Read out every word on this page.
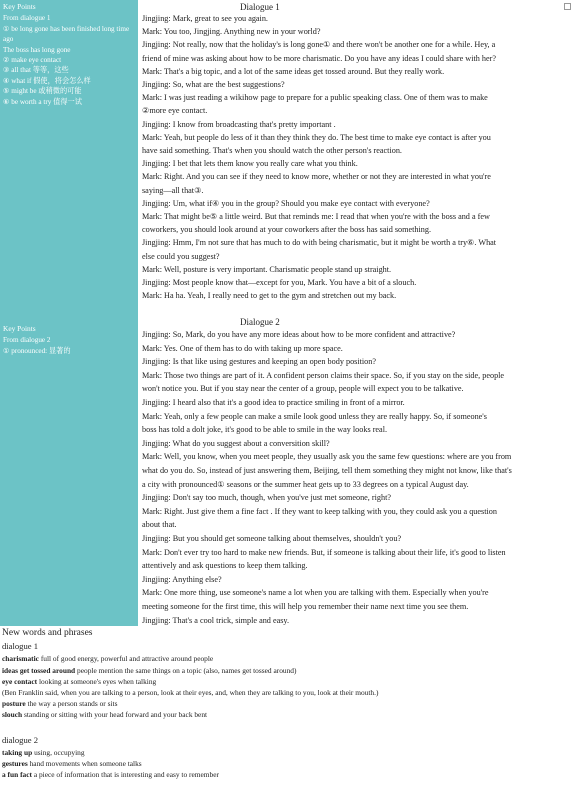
Key Points
From dialogue 1
① be long gone has been finished long time ago
The boss has long gone
② make eye contact
③ all that 等等，这些
④ what if 假使，将会怎么样
⑤ might be 或稍微的可能
⑥ be worth a try 值得一试
Key Points
From dialogue 2
① pronounced: 显著的
Dialogue 1
Jingjing: Mark, great to see you again.
Mark: You too, Jingjing. Anything new in your world?
Jingjing: Not really, now that the holiday's is long gone① and there won't be another one for a while. Hey, a
friend of mine was asking about how to be more charismatic. Do you have any ideas I could share with her?
Mark: That's a big topic, and a lot of the same ideas get tossed around. But they really work.
Jingjing: So, what are the best suggestions?
Mark: I was just reading a wikihow page to prepare for a public speaking class. One of them was to make
②more eye contact.
Jingjing: I know from broadcasting that's pretty important .
Mark: Yeah, but people do less of it than they think they do. The best time to make eye contact is after you
have said something. That's when you should watch the other person's reaction.
Jingjing: I bet that lets them know you really care what you think.
Mark: Right. And you can see if they need to know more, whether or not they are interested in what you're
saying—all that③.
Jingjing: Um, what if④ you in the group? Should you make eye contact with everyone?
Mark: That might be⑤ a little weird. But that reminds me: I read that when you're with the boss and a few
coworkers, you should look around at your coworkers after the boss has said something.
Jingjing: Hmm, I'm not sure that has much to do with being charismatic, but it might be worth a try⑥. What
else could you suggest?
Mark: Well, posture is very important. Charismatic people stand up straight.
Jingjing: Most people know that—except for you, Mark. You have a bit of a slouch.
Mark: Ha ha. Yeah, I really need to get to the gym and stretchen out my back.
Dialogue 2
Jingjing: So, Mark, do you have any more ideas about how to be more confident and attractive?
Mark: Yes. One of them has to do with taking up more space.
Jingjing: Is that like using gestures and keeping an open body position?
Mark: Those two things are part of it. A confident person claims their space. So, if you stay on the side, people
won't notice you. But if you stay near the center of a group, people will expect you to be talkative.
Jingjing: I heard also that it's a good idea to practice smiling in front of a mirror.
Mark: Yeah, only a few people can make a smile look good unless they are really happy. So, if someone's
boss has told a dolt joke, it's good to be able to smile in the way looks real.
Jingjing: What do you suggest about a conversition skill?
Mark: Well, you know, when you meet people, they usually ask you the same few questions: where are you from
what do you do. So, instead of just answering them, Beijing, tell them something they might not know, like that's
a city with pronounced① seasons or the summer heat gets up to 33 degrees on a typical August day.
Jingjing: Don't say too much, though, when you've just met someone, right?
Mark: Right. Just give them a fine fact . If they want to keep talking with you, they could ask you a question
about that.
Jingjing: But you should get someone talking about themselves, shouldn't you?
Mark: Don't ever try too hard to make new friends. But, if someone is talking about their life, it's good to listen
attentively and ask questions to keep them talking.
Jingjing: Anything else?
Mark: One more thing, use someone's name a lot when you are talking with them. Especially when you're
meeting someone for the first time, this will help you remember their name next time you see them.
Jingjing: That's a cool trick, simple and easy.
New words and phrases
dialogue 1
charismatic full of good energy, powerful and attractive around people
ideas get tossed around people mention the same things on a topic (also, names get tossed around)
eye contact looking at someone's eyes when talking
(Ben Franklin said, when you are talking to a person, look at their eyes, and, when they are talking to you, look at their mouth.)
posture the way a person stands or sits
slouch standing or sitting with your head forward and your back bent
dialogue 2
taking up using, occupying
gestures hand movements when someone talks
a fun fact a piece of information that is interesting and easy to remember
